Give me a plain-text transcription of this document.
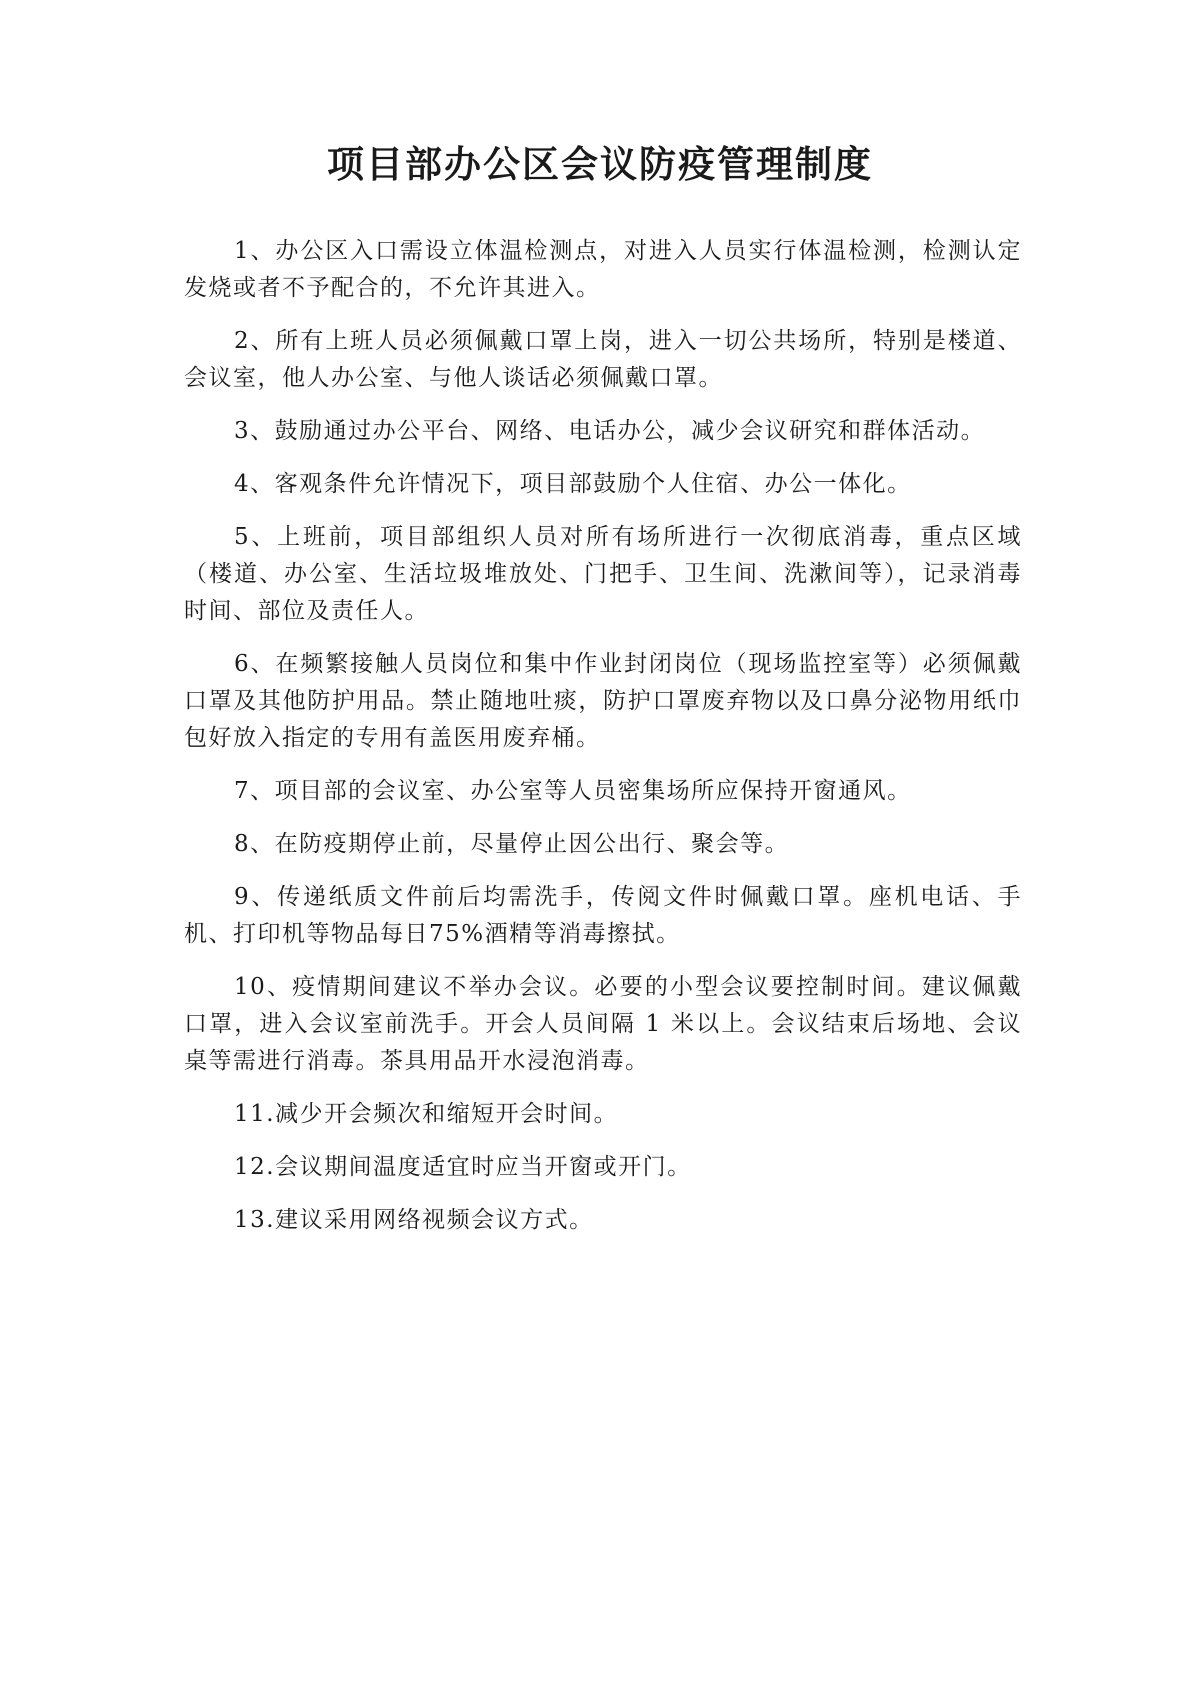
项目部办公区会议防疫管理制度

1、办公区入口需设立体温检测点，对进入人员实行体温检测，检测认定发烧或者不予配合的，不允许其进入。

2、所有上班人员必须佩戴口罩上岗，进入一切公共场所，特别是楼道、会议室，他人办公室、与他人谈话必须佩戴口罩。

3、鼓励通过办公平台、网络、电话办公，减少会议研究和群体活动。

4、客观条件允许情况下，项目部鼓励个人住宿、办公一体化。

5、上班前，项目部组织人员对所有场所进行一次彻底消毒，重点区域（楼道、办公室、生活垃圾堆放处、门把手、卫生间、洗漱间等），记录消毒时间、部位及责任人。

6、在频繁接触人员岗位和集中作业封闭岗位（现场监控室等）必须佩戴口罩及其他防护用品。禁止随地吐痰，防护口罩废弃物以及口鼻分泌物用纸巾包好放入指定的专用有盖医用废弃桶。

7、项目部的会议室、办公室等人员密集场所应保持开窗通风。

8、在防疫期停止前，尽量停止因公出行、聚会等。

9、传递纸质文件前后均需洗手，传阅文件时佩戴口罩。座机电话、手机、打印机等物品每日75%酒精等消毒擦拭。

10、疫情期间建议不举办会议。必要的小型会议要控制时间。建议佩戴口罩，进入会议室前洗手。开会人员间隔 1 米以上。会议结束后场地、会议桌等需进行消毒。茶具用品开水浸泡消毒。

11.减少开会频次和缩短开会时间。

12.会议期间温度适宜时应当开窗或开门。

13.建议采用网络视频会议方式。
